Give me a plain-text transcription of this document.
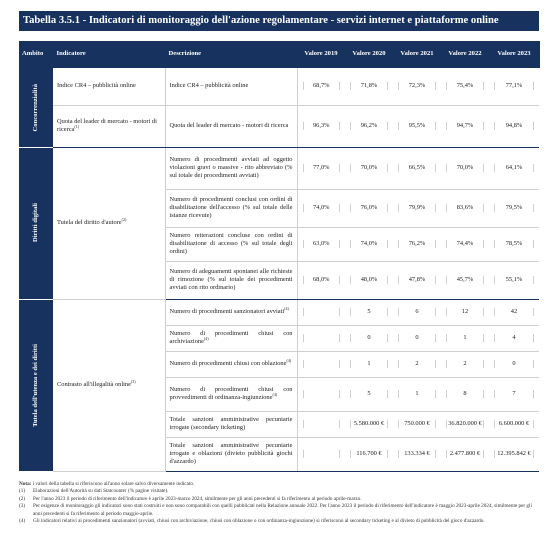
Tabella 3.5.1 - Indicatori di monitoraggio dell'azione regolamentare - servizi internet e piattaforme online
Ambito	Indicatore	Descrizione	Valore 2019	Valore 2020	Valore 2021	Valore 2022	Valore 2023

Concorrenzialità	Indice CR4 – pubblicità online	Indice CR4 – pubblicità online	68,7%	71,8%	72,3%	75,4%	77,1%

	Quota del leader di mercato - motori di ricerca$^{(1)}$	Quota del leader di mercato - motori di ricerca	96,3%	96,2%	95,5%	94,7%	94,8%

Diritti digitali	Tutela del diritto d'autore$^{(2)}$	Numero di procedimenti avviati ad oggetto violazioni gravi o massive - rito abbreviato (% sul totale dei procedimenti avviati)	77,0%	70,0%	66,5%	70,0%	64,1%

		Numero di procedimenti conclusi con ordini di disabilitazione dell'accesso (% sul totale delle istanze ricevute)	74,0%	76,0%	79,9%	83,6%	79,5%

		Numero reiterazioni concluse con ordini di disabilitazione di accesso (% sul totale degli ordini)	63,0%	74,0%	76,2%	74,4%	78,5%

		Numero di adeguamenti spontanei alle richieste di rimozione (% sul totale dei procedimenti avviati con rito ordinario)	68,0%	48,0%	47,8%	45,7%	55,1%

Tutela dell'utenza e dei diritti	Contrasto all'illegalità online$^{(3)}$	Numero di procedimenti sanzionatori avviati$^{(4)}$		5	6	12	42

		Numero di procedimenti chiusi con archiviazione$^{(4)}$		0	0	1	4

		Numero di procedimenti chiusi con oblazione$^{(4)}$		1	2	2	0

		Numero di procedimenti chiusi con provvedimenti di ordinanza-ingiunzione$^{(4)}$		5	1	8	7

		Totale sanzioni amministrative pecuniarie irrogate (secondary ticketing)		5.580.000 €	750.000 €	36.820.000 €	6.600.000 €

		Totale sanzioni amministrative pecuniarie irrogate e oblazioni (divieto pubblicità giochi d'azzardo)		116.700 €	133.334 €	2.477.800 €	12.395.842 €
Nota: i valori della tabella si riferiscono all'anno solare salvo diversamente indicato.
(1)	Elaborazioni dell'Autorità su dati Statcounter (% pagine visitate).
(2)	Per l'anno 2023 il periodo di riferimento dell'indicatore è aprile 2023-marzo 2024, similmente per gli anni precedenti si fa riferimento al periodo aprile-marzo.
(3)	Per esigenze di monitoraggio gli indicatori sono stati costruiti e non sono comparabili con quelli pubblicati nella Relazione annuale 2022. Per l'anno 2023 il periodo di riferimento dell'indicatore è maggio 2023-aprile 2024, similmente per gli anni precedenti si fa riferimento al periodo maggio-aprile.
(4)	Gli indicatori relativi ai procedimenti sanzionatori (avviati, chiusi con archiviazione, chiusi con oblazione o con ordinanza-ingiunzione) si riferiscono al secondary ticketing e al divieto di pubblicità del gioco d'azzardo.
